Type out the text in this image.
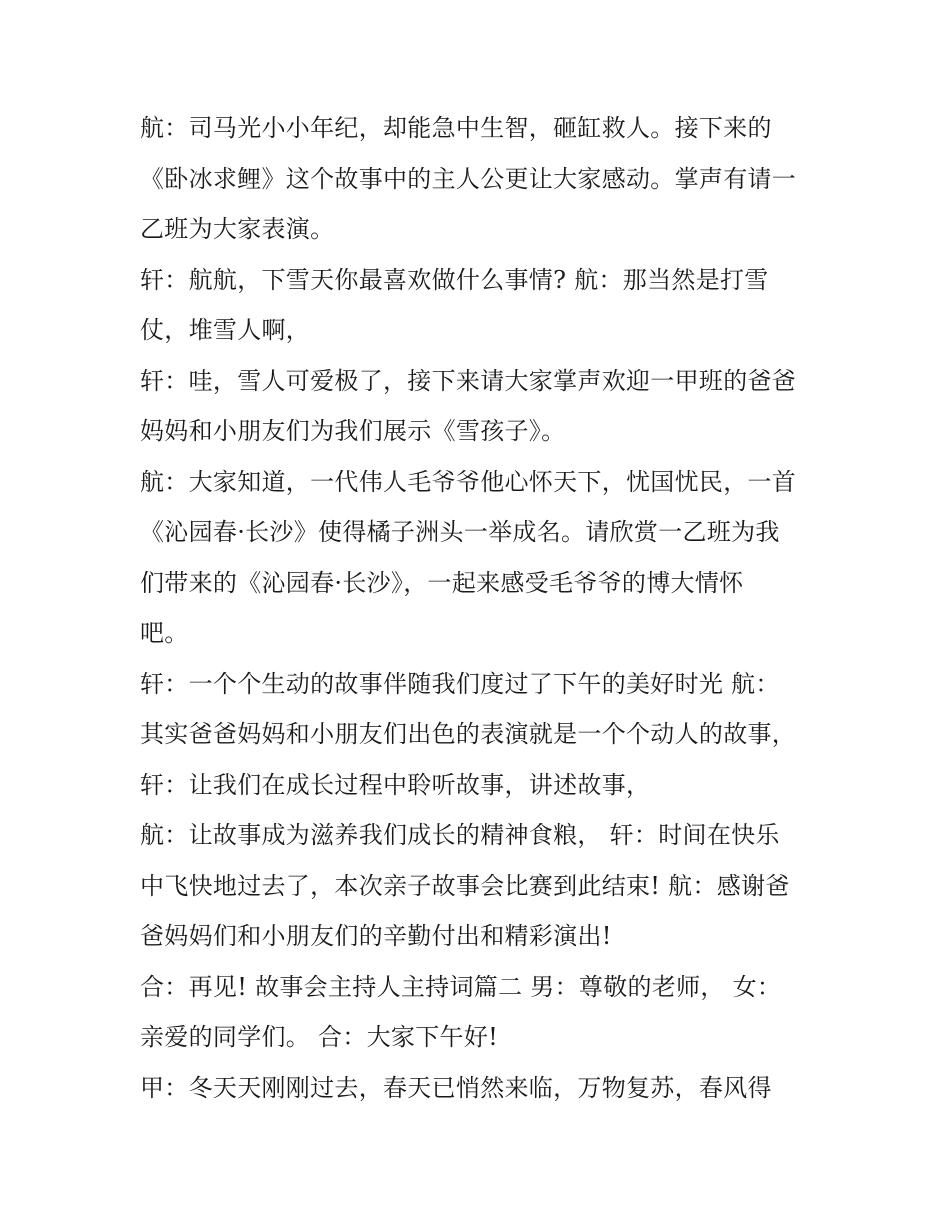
航：司马光小小年纪，却能急中生智，砸缸救人。接下来的
《卧冰求鲤》这个故事中的主人公更让大家感动。掌声有请一
乙班为大家表演。
轩：航航，下雪天你最喜欢做什么事情? 航：那当然是打雪
仗，堆雪人啊，
轩：哇，雪人可爱极了，接下来请大家掌声欢迎一甲班的爸爸
妈妈和小朋友们为我们展示《雪孩子》。
航：大家知道，一代伟人毛爷爷他心怀天下，忧国忧民，一首
《沁园春·长沙》使得橘子洲头一举成名。请欣赏一乙班为我
们带来的《沁园春·长沙》，一起来感受毛爷爷的博大情怀
吧。
轩：一个个生动的故事伴随我们度过了下午的美好时光 航：
其实爸爸妈妈和小朋友们出色的表演就是一个个动人的故事，
轩：让我们在成长过程中聆听故事，讲述故事，
航：让故事成为滋养我们成长的精神食粮， 轩：时间在快乐
中飞快地过去了，本次亲子故事会比赛到此结束! 航：感谢爸
爸妈妈们和小朋友们的辛勤付出和精彩演出!
合：再见! 故事会主持人主持词篇二 男：尊敬的老师， 女：
亲爱的同学们。 合：大家下午好!
甲：冬天天刚刚过去，春天已悄然来临，万物复苏，春风得
